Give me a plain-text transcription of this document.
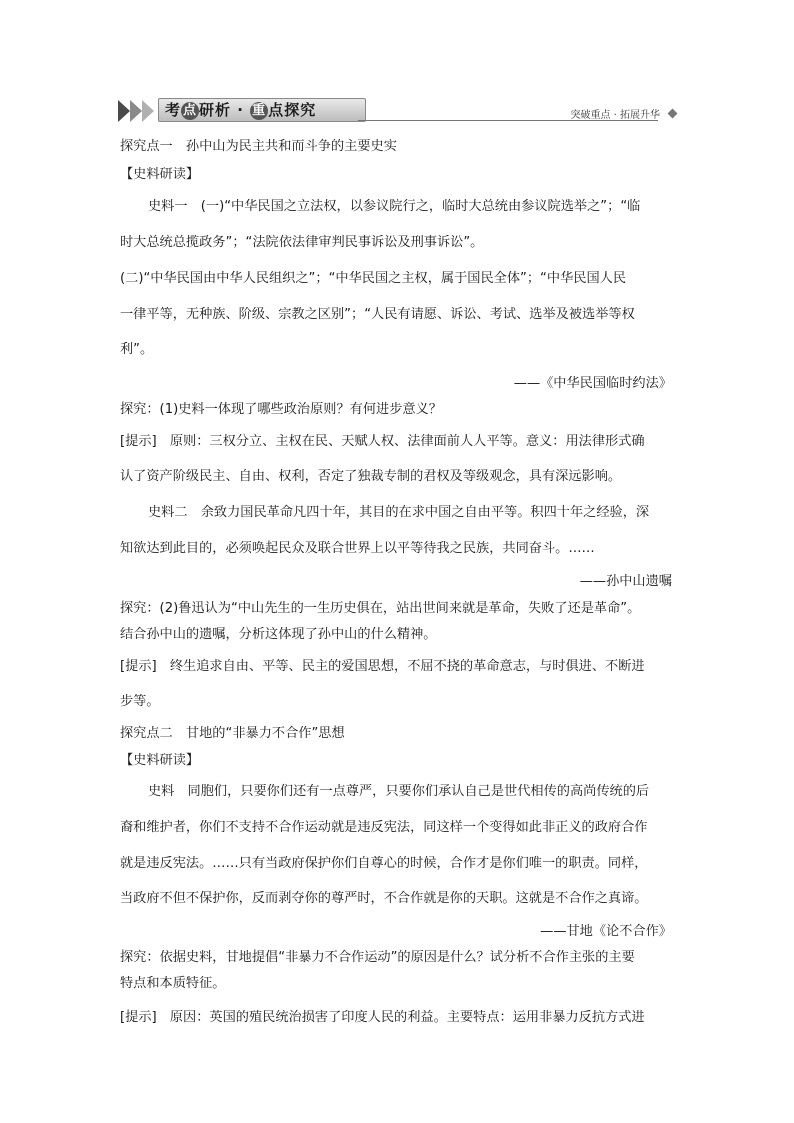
考 点 研析 · 重 点探究	突破重点 · 拓展升华
探究点一　孙中山为民主共和而斗争的主要史实
【史料研读】
史料一　(一)“中华民国之立法权，以参议院行之，临时大总统由参议院选举之”；“临
时大总统总揽政务”；“法院依法律审判民事诉讼及刑事诉讼”。
(二)“中华民国由中华人民组织之”；“中华民国之主权，属于国民全体”；“中华民国人民
一律平等，无种族、阶级、宗教之区别”；“人民有请愿、诉讼、考试、选举及被选举等权
利”。
——《中华民国临时约法》
探究：(1)史料一体现了哪些政治原则？有何进步意义？
[提示]　原则：三权分立、主权在民、天赋人权、法律面前人人平等。意义：用法律形式确
认了资产阶级民主、自由、权利，否定了独裁专制的君权及等级观念，具有深远影响。
史料二　余致力国民革命凡四十年，其目的在求中国之自由平等。积四十年之经验，深
知欲达到此目的，必须唤起民众及联合世界上以平等待我之民族，共同奋斗。……
——孙中山遗嘱
探究：(2)鲁迅认为“中山先生的一生历史俱在，站出世间来就是革命，失败了还是革命”。
结合孙中山的遗嘱，分析这体现了孙中山的什么精神。
[提示]　终生追求自由、平等、民主的爱国思想，不屈不挠的革命意志，与时俱进、不断进
步等。
探究点二　甘地的“非暴力不合作”思想
【史料研读】
史料　同胞们，只要你们还有一点尊严，只要你们承认自己是世代相传的高尚传统的后
裔和维护者，你们不支持不合作运动就是违反宪法，同这样一个变得如此非正义的政府合作
就是违反宪法。……只有当政府保护你们自尊心的时候，合作才是你们唯一的职责。同样，
当政府不但不保护你，反而剥夺你的尊严时，不合作就是你的天职。这就是不合作之真谛。
——甘地《论不合作》
探究：依据史料，甘地提倡“非暴力不合作运动”的原因是什么？试分析不合作主张的主要
特点和本质特征。
[提示]　原因：英国的殖民统治损害了印度人民的利益。主要特点：运用非暴力反抗方式进
